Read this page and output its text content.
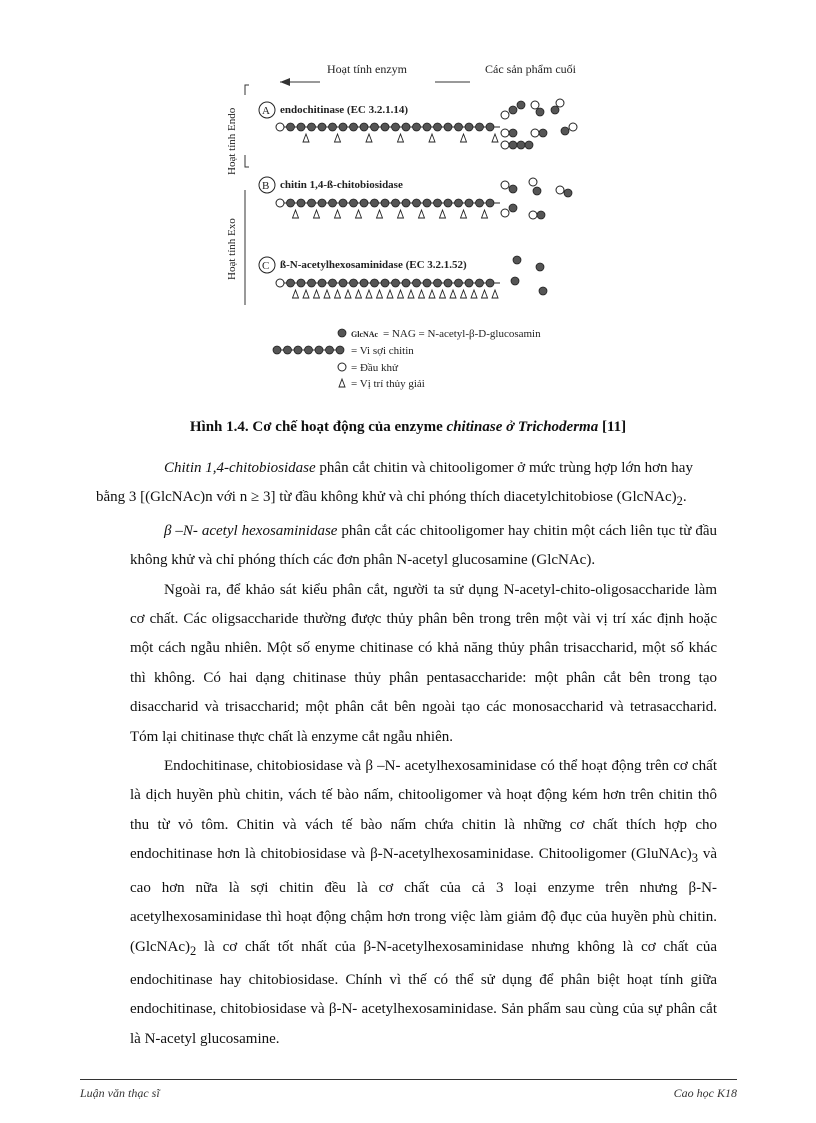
Hoạt tính enzym	Các sản phẩm cuối
Hoạt tính Endo
Hoạt tính Exo
A endochitinase (EC 3.2.1.14)
B chitin 1,4-ß-chitobiosidase
C ß-N-acetylhexosaminidase (EC 3.2.1.52)
GlcNAc = NAG = N-acetyl-β-D-glucosamin
= Vi sợi chitin
= Đầu khử
= Vị trí thủy giải
Hình 1.4. Cơ chế hoạt động của enzyme chitinase ở Trichoderma [11]

Chitin 1,4-chitobiosidase phân cắt chitin và chitooligomer ở mức trùng hợp lớn hơn hay
bằng 3 [(GlcNAc)n với n ≥ 3] từ đầu không khử và chỉ phóng thích diacetylchitobiose $(GlcNAc)_2$.

β –N- acetyl hexosaminidase phân cắt các chitooligomer hay chitin một cách liên tục từ đầu không khử và chỉ phóng thích các đơn phân N-acetyl glucosamine (GlcNAc).

Ngoài ra, để khảo sát kiểu phân cắt, người ta sử dụng N-acetyl-chito-oligosaccharide làm cơ chất. Các oligsaccharide thường được thủy phân bên trong trên một vài vị trí xác định hoặc một cách ngẫu nhiên. Một số enyme chitinase có khả năng thủy phân trisaccharid, một số khác thì không. Có hai dạng chitinase thủy phân pentasaccharide: một phân cắt bên trong tạo disaccharid và trisaccharid; một phân cắt bên ngoài tạo các monosaccharid và tetrasaccharid. Tóm lại chitinase thực chất là enzyme cắt ngẫu nhiên.

Endochitinase, chitobiosidase và β –N- acetylhexosaminidase có thể hoạt động trên cơ chất là dịch huyền phù chitin, vách tế bào nấm, chitooligomer và hoạt động kém hơn trên chitin thô thu từ vỏ tôm. Chitin và vách tế bào nấm chứa chitin là những cơ chất thích hợp cho endochitinase hơn là chitobiosidase và β-N-acetylhexosaminidase. Chitooligomer $(GluNAc)_3$ và cao hơn nữa là sợi chitin đều là cơ chất của cả 3 loại enzyme trên nhưng β-N-acetylhexosaminidase thì hoạt động chậm hơn trong việc làm giảm độ đục của huyền phù chitin. $(GlcNAc)_2$ là cơ chất tốt nhất của β-N-acetylhexosaminidase nhưng không là cơ chất của endochitinase hay chitobiosidase. Chính vì thế có thể sử dụng để phân biệt hoạt tính giữa endochitinase, chitobiosidase và β-N- acetylhexosaminidase. Sản phẩm sau cùng của sự phân cắt là N-acetyl glucosamine.

Luận văn thạc sĩ	Cao học K18
